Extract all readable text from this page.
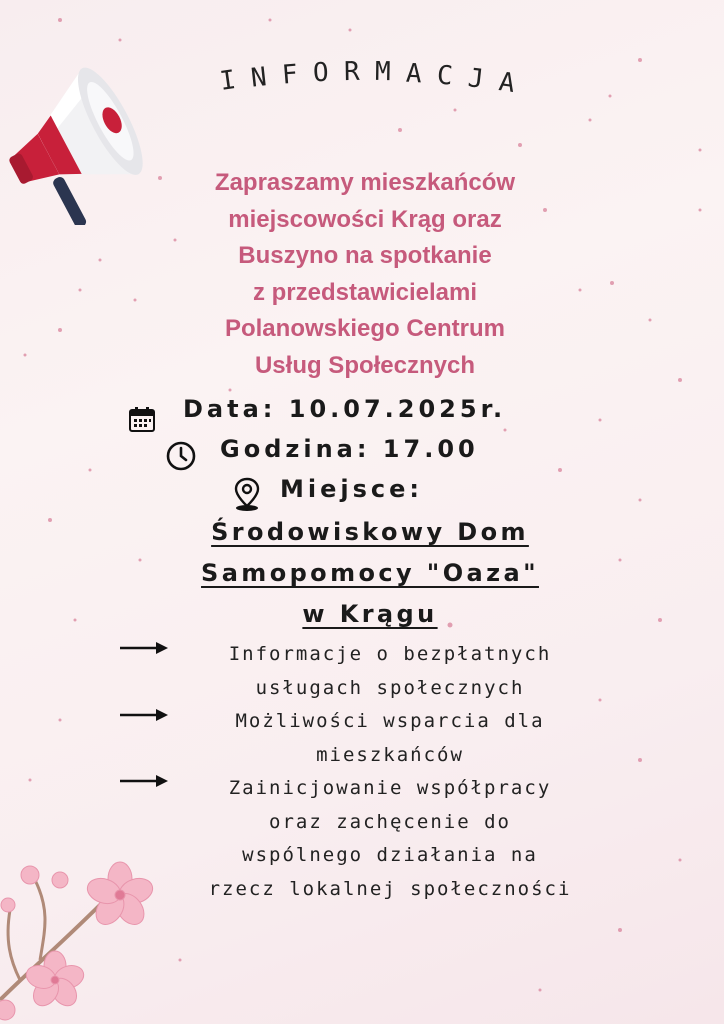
I N F O R M A C J A
Zapraszamy mieszkańców
miejscowości Krąg oraz
Buszyno na spotkanie
z przedstawicielami
Polanowskiego Centrum
Usług Społecznych
Data: 10.07.2025r.
Godzina: 17.00
Miejsce:
Środowiskowy Dom
Samopomocy "Oaza"
w Krągu
Informacje o bezpłatnych
usługach społecznych
Możliwości wsparcia dla
mieszkańców
Zainicjowanie współpracy
oraz zachęcenie do
wspólnego działania na
rzecz lokalnej społeczności
